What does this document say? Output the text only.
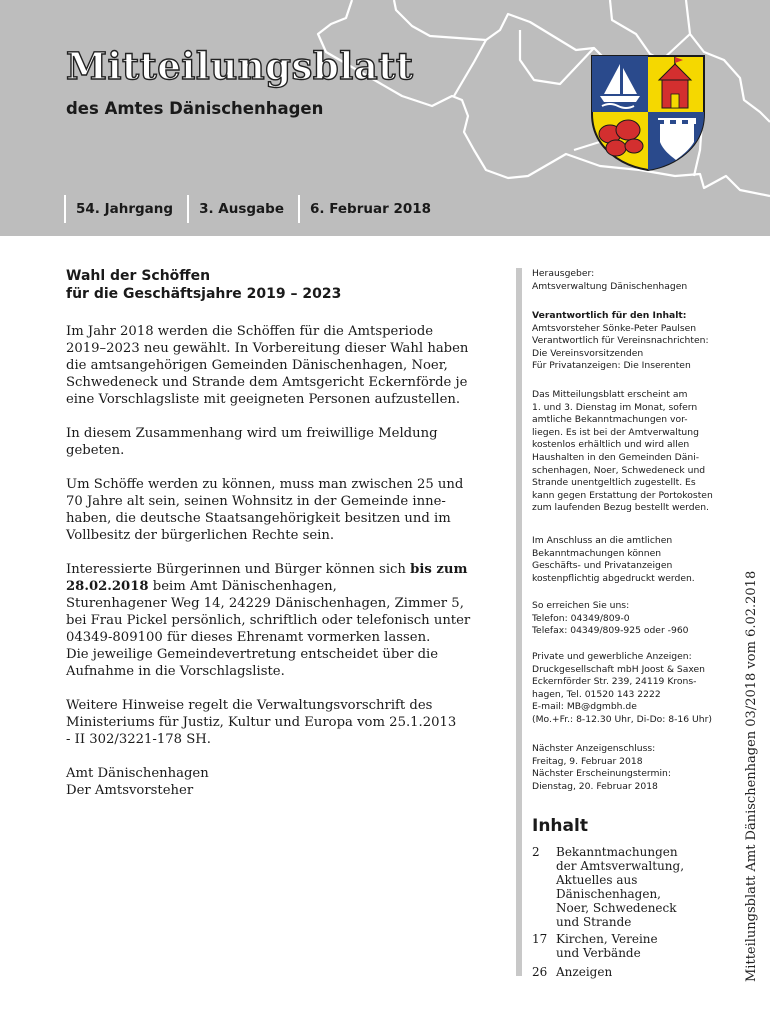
Mitteilungsblatt
des Amtes Dänischenhagen
54. Jahrgang	3. Ausgabe	6. Februar 2018
Wahl der Schöffen
für die Geschäftsjahre 2019 – 2023

Im Jahr 2018 werden die Schöffen für die Amtsperiode
2019–2023 neu gewählt. In Vorbereitung dieser Wahl haben
die amtsangehörigen Gemeinden Dänischenhagen, Noer,
Schwedeneck und Strande dem Amtsgericht Eckernförde je
eine Vorschlagsliste mit geeigneten Personen aufzustellen.

In diesem Zusammenhang wird um freiwillige Meldung
gebeten.

Um Schöffe werden zu können, muss man zwischen 25 und
70 Jahre alt sein, seinen Wohnsitz in der Gemeinde inne-
haben, die deutsche Staatsangehörigkeit besitzen und im
Vollbesitz der bürgerlichen Rechte sein.

Interessierte Bürgerinnen und Bürger können sich bis zum
28.02.2018 beim Amt Dänischenhagen,
Sturenhagener Weg 14, 24229 Dänischenhagen, Zimmer 5,
bei Frau Pickel persönlich, schriftlich oder telefonisch unter
04349-809100 für dieses Ehrenamt vormerken lassen.
Die jeweilige Gemeindevertretung entscheidet über die
Aufnahme in die Vorschlagsliste.

Weitere Hinweise regelt die Verwaltungsvorschrift des
Ministeriums für Justiz, Kultur und Europa vom 25.1.2013
- II 302/3221-178 SH.

Amt Dänischenhagen
Der Amtsvorsteher

Herausgeber:
Amtsverwaltung Dänischenhagen
Verantwortlich für den Inhalt:
Amtsvorsteher Sönke-Peter Paulsen
Verantwortlich für Vereinsnachrichten:
Die Vereinsvorsitzenden
Für Privatanzeigen: Die Inserenten
Das Mitteilungsblatt erscheint am
1. und 3. Dienstag im Monat, sofern
amtliche Bekanntmachungen vor-
liegen. Es ist bei der Amtverwaltung
kostenlos erhältlich und wird allen
Haushalten in den Gemeinden Däni-
schenhagen, Noer, Schwedeneck und
Strande unentgeltlich zugestellt. Es
kann gegen Erstattung der Portokosten
zum laufenden Bezug bestellt werden.
Im Anschluss an die amtlichen
Bekanntmachungen können
Geschäfts- und Privatanzeigen
kostenpflichtig abgedruckt werden.
So erreichen Sie uns:
Telefon: 04349/809-0
Telefax: 04349/809-925 oder -960
Private und gewerbliche Anzeigen:
Druckgesellschaft mbH Joost & Saxen
Eckernförder Str. 239, 24119 Krons-
hagen, Tel. 01520 143 2222
E-mail: MB@dgmbh.de
(Mo.+Fr.: 8-12.30 Uhr, Di-Do: 8-16 Uhr)
Nächster Anzeigenschluss:
Freitag, 9. Februar 2018
Nächster Erscheinungstermin:
Dienstag, 20. Februar 2018
Inhalt
2	Bekanntmachungen
der Amtsverwaltung,
Aktuelles aus
Dänischenhagen,
Noer, Schwedeneck
und Strande
17 Kirchen, Vereine
und Verbände
26 Anzeigen	Mitteilungsblatt Amt Dänischenhagen 03/2018 vom 6.02.2018
